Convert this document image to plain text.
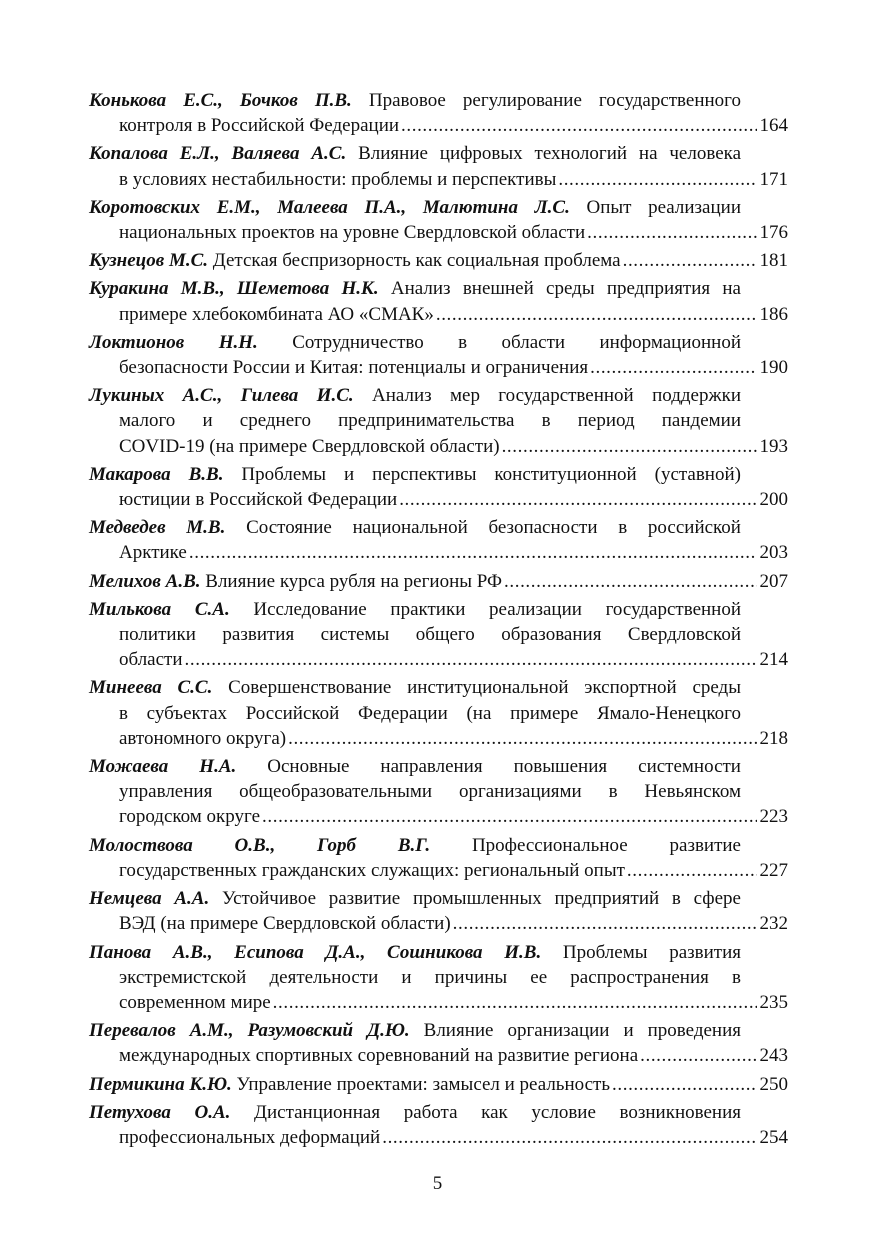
Конькова Е.С., Бочков П.В. Правовое регулирование государственного
контроля в Российской Федерации .....	164
Копалова Е.Л., Валяева А.С. Влияние цифровых технологий на человека
в условиях нестабильности: проблемы и перспективы .....	171
Коротовских Е.М., Малеева П.А., Малютина Л.С. Опыт реализации
национальных проектов на уровне Свердловской области .....	176
Кузнецов М.С. Детская беспризорность как социальная проблема .....	181
Куракина М.В., Шеметова Н.К. Анализ внешней среды предприятия на
примере хлебокомбината АО «СМАК» .....	186
Локтионов Н.Н. Сотрудничество в области информационной
безопасности России и Китая: потенциалы и ограничения .....	190
Лукиных А.С., Гилева И.С. Анализ мер государственной поддержки
малого и среднего предпринимательства в период пандемии
COVID-19 (на примере Свердловской области) .....	193
Макарова В.В. Проблемы и перспективы конституционной (уставной)
юстиции в Российской Федерации .....	200
Медведев М.В. Состояние национальной безопасности в российской
Арктике .....	203
Мелихов А.В. Влияние курса рубля на регионы РФ .....	207
Милькова С.А. Исследование практики реализации государственной
политики развития системы общего образования Свердловской
области .....	214
Минеева С.С. Совершенствование институциональной экспортной среды
в субъектах Российской Федерации (на примере Ямало-Ненецкого
автономного округа) .....	218
Можаева Н.А. Основные направления повышения системности
управления общеобразовательными организациями в Невьянском
городском округе .....	223
Молоствова О.В., Горб В.Г. Профессиональное развитие
государственных гражданских служащих: региональный опыт .....	227
Немцева А.А. Устойчивое развитие промышленных предприятий в сфере
ВЭД (на примере Свердловской области) .....	232
Панова А.В., Есипова Д.А., Сошникова И.В. Проблемы развития
экстремистской деятельности и причины ее распространения в
современном мире .....	235
Перевалов А.М., Разумовский Д.Ю. Влияние организации и проведения
международных спортивных соревнований на развитие региона .....	243
Пермикина К.Ю. Управление проектами: замысел и реальность .....	250
Петухова О.А. Дистанционная работа как условие возникновения
профессиональных деформаций .....	254
5
